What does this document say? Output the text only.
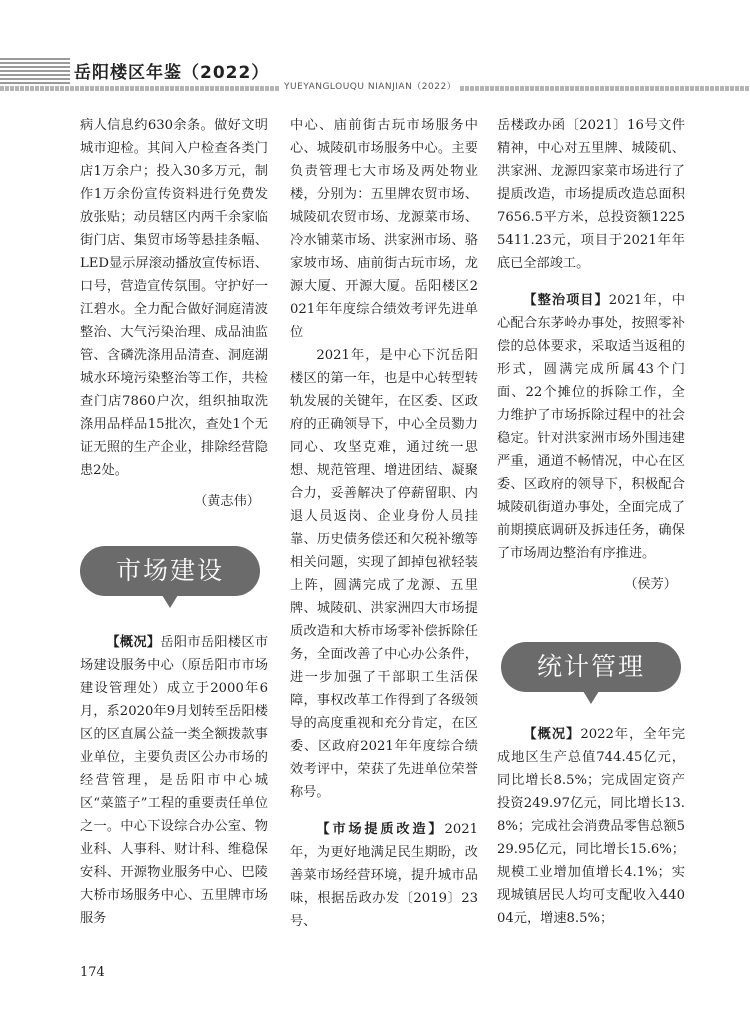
岳阳楼区年鉴（2022）
YUEYANGLOUQU NIANJIAN（2022）

病人信息约630余条。做好文明城市迎检。其间入户检查各类门店1万余户；投入30多万元，制作1万余份宣传资料进行免费发放张贴；动员辖区内两千余家临街门店、集贸市场等悬挂条幅、LED显示屏滚动播放宣传标语、口号，营造宣传氛围。守护好一江碧水。全力配合做好洞庭清波整治、大气污染治理、成品油监管、含磷洗涤用品清查、洞庭湖城水环境污染整治等工作，共检查门店7860户次，组织抽取洗涤用品样品15批次，查处1个无证无照的生产企业，排除经营隐患2处。

（黄志伟）
市场建设

【概况】岳阳市岳阳楼区市场建设服务中心（原岳阳市市场建设管理处）成立于2000年6月，系2020年9月划转至岳阳楼区的区直属公益一类全额拨款事业单位，主要负责区公办市场的经营管理，是岳阳市中心城区“菜篮子”工程的重要责任单位之一。中心下设综合办公室、物业科、人事科、财计科、维稳保安科、开源物业服务中心、巴陵大桥市场服务中心、五里牌市场服务

中心、庙前街古玩市场服务中心、城陵矶市场服务中心。主要负责管理七大市场及两处物业楼，分别为：五里牌农贸市场、城陵矶农贸市场、龙源菜市场、冷水铺菜市场、洪家洲市场、骆家坡市场、庙前街古玩市场，龙源大厦、开源大厦。岳阳楼区2021年年度综合绩效考评先进单位

2021年，是中心下沉岳阳楼区的第一年，也是中心转型转轨发展的关键年，在区委、区政府的正确领导下，中心全员勠力同心、攻坚克难，通过统一思想、规范管理、增进团结、凝聚合力，妥善解决了停薪留职、内退人员返岗、企业身份人员挂靠、历史债务偿还和欠税补缴等相关问题，实现了卸掉包袱轻装上阵，圆满完成了龙源、五里牌、城陵矶、洪家洲四大市场提质改造和大桥市场零补偿拆除任务，全面改善了中心办公条件，进一步加强了干部职工生活保障，事权改革工作得到了各级领导的高度重视和充分肯定，在区委、区政府2021年年度综合绩效考评中，荣获了先进单位荣誉称号。

【市场提质改造】2021年，为更好地满足民生期盼，改善菜市场经营环境，提升城市品味，根据岳政办发〔2019〕23号、

岳楼政办函〔2021〕16号文件精神，中心对五里牌、城陵矶、洪家洲、龙源四家菜市场进行了提质改造，市场提质改造总面积7656.5平方米，总投资额12255411.23元，项目于2021年年底已全部竣工。

【整治项目】2021年，中心配合东茅岭办事处，按照零补偿的总体要求，采取适当返租的形式，圆满完成所属43个门面、22个摊位的拆除工作，全力维护了市场拆除过程中的社会稳定。针对洪家洲市场外围违建严重，通道不畅情况，中心在区委、区政府的领导下，积极配合城陵矶街道办事处，全面完成了前期摸底调研及拆违任务，确保了市场周边整治有序推进。

（侯芳）
统计管理

【概况】2022年，全年完成地区生产总值744.45亿元，同比增长8.5%；完成固定资产投资249.97亿元，同比增长13.8%；完成社会消费品零售总额529.95亿元，同比增长15.6%；规模工业增加值增长4.1%；实现城镇居民人均可支配收入44004元，增速8.5%；

174
